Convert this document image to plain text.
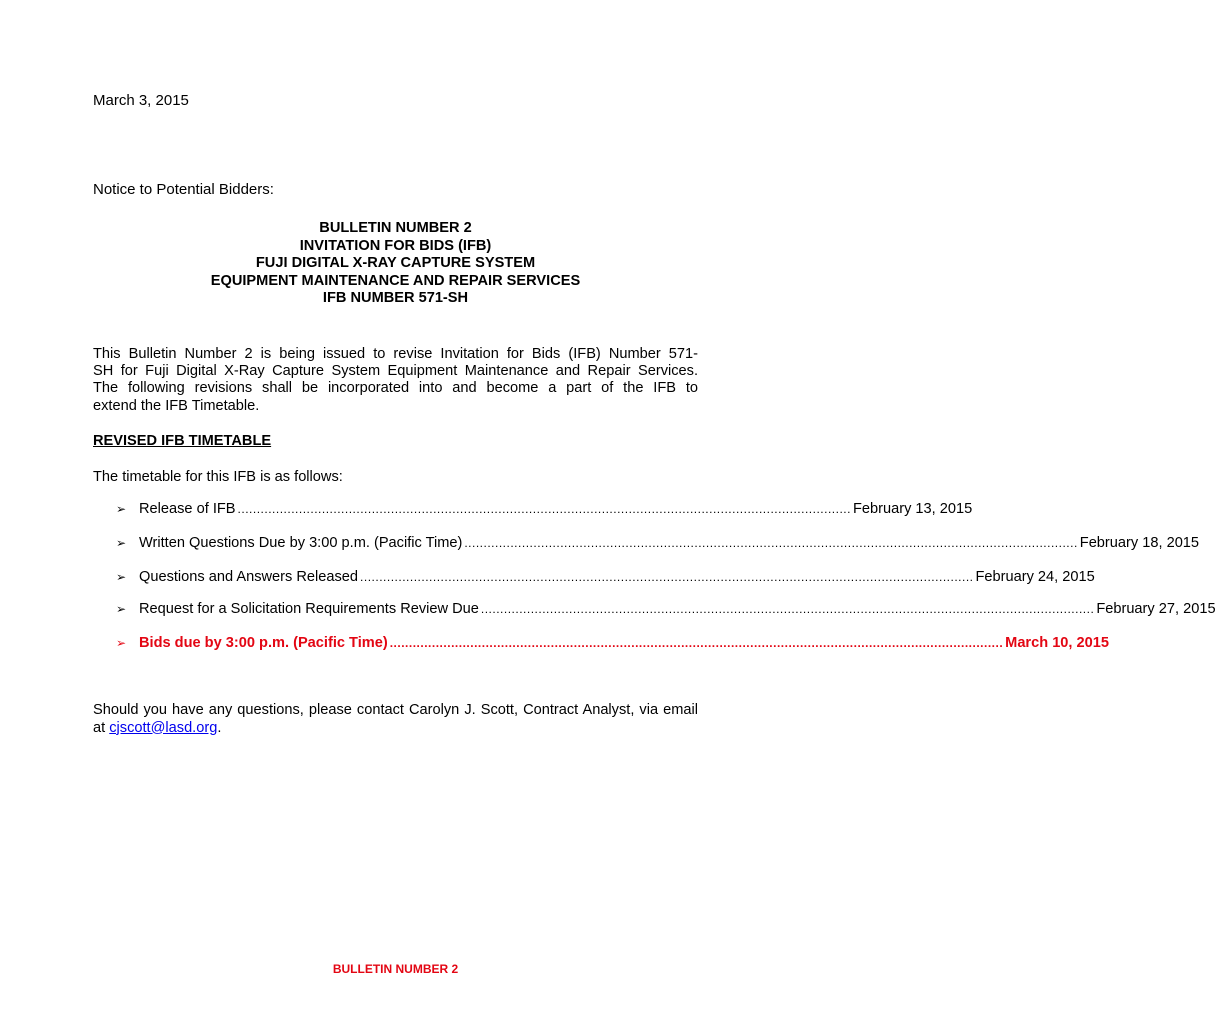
March 3, 2015
Notice to Potential Bidders:
BULLETIN NUMBER 2
INVITATION FOR BIDS (IFB)
FUJI DIGITAL X-RAY CAPTURE SYSTEM
EQUIPMENT MAINTENANCE AND REPAIR SERVICES
IFB NUMBER 571-SH
This Bulletin Number 2 is being issued to revise Invitation for Bids (IFB) Number 571- SH for Fuji Digital X-Ray Capture System Equipment Maintenance and Repair Services. The following revisions shall be incorporated into and become a part of the IFB to extend the IFB Timetable.
REVISED IFB TIMETABLE
The timetable for this IFB is as follows:
➢ Release of IFB ................................................................................................................................................................ February 13, 2015
➢ Written Questions Due by 3:00 p.m. (Pacific Time) ................................................................................................................................................................ February 18, 2015
➢ Questions and Answers Released ................................................................................................................................................................ February 24, 2015
➢ Request for a Solicitation Requirements Review Due ................................................................................................................................................................ February 27, 2015
➢ Bids due by 3:00 p.m. (Pacific Time) ................................................................................................................................................................ March 10, 2015
Should you have any questions, please contact Carolyn J. Scott, Contract Analyst, via email at cjscott@lasd.org.
BULLETIN NUMBER 2
